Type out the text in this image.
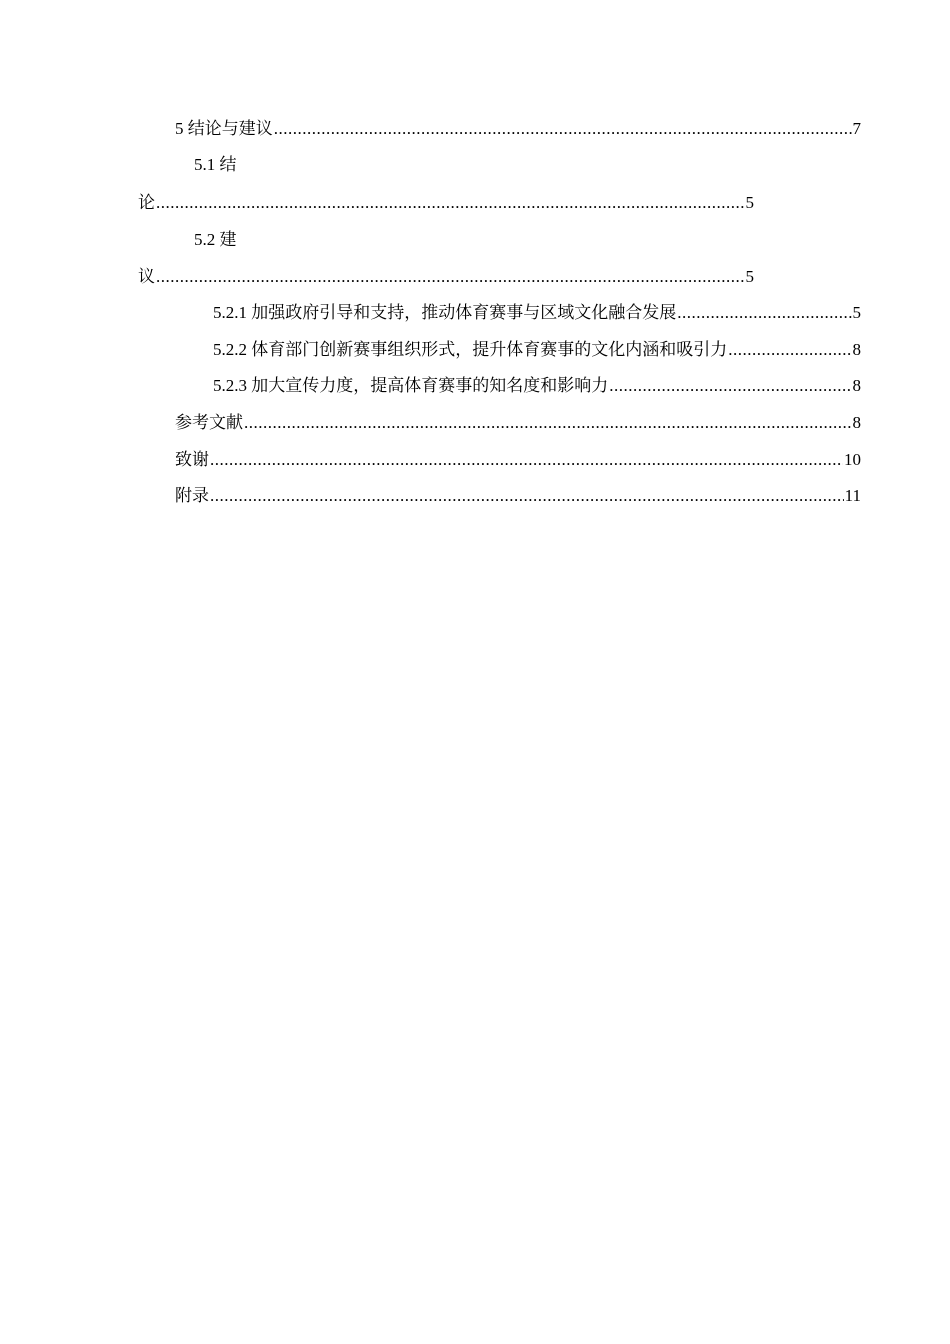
5 结论与建议 .....	7
5.1 结
论 .....	5
5.2 建
议 .....	5
5.2.1 加强政府引导和支持，推动体育赛事与区域文化融合发展 .....	5
5.2.2 体育部门创新赛事组织形式，提升体育赛事的文化内涵和吸引力 .....	8
5.2.3 加大宣传力度，提高体育赛事的知名度和影响力 .....	8
参考文献 .....	8
致谢 .....	10
附录 .....	11
